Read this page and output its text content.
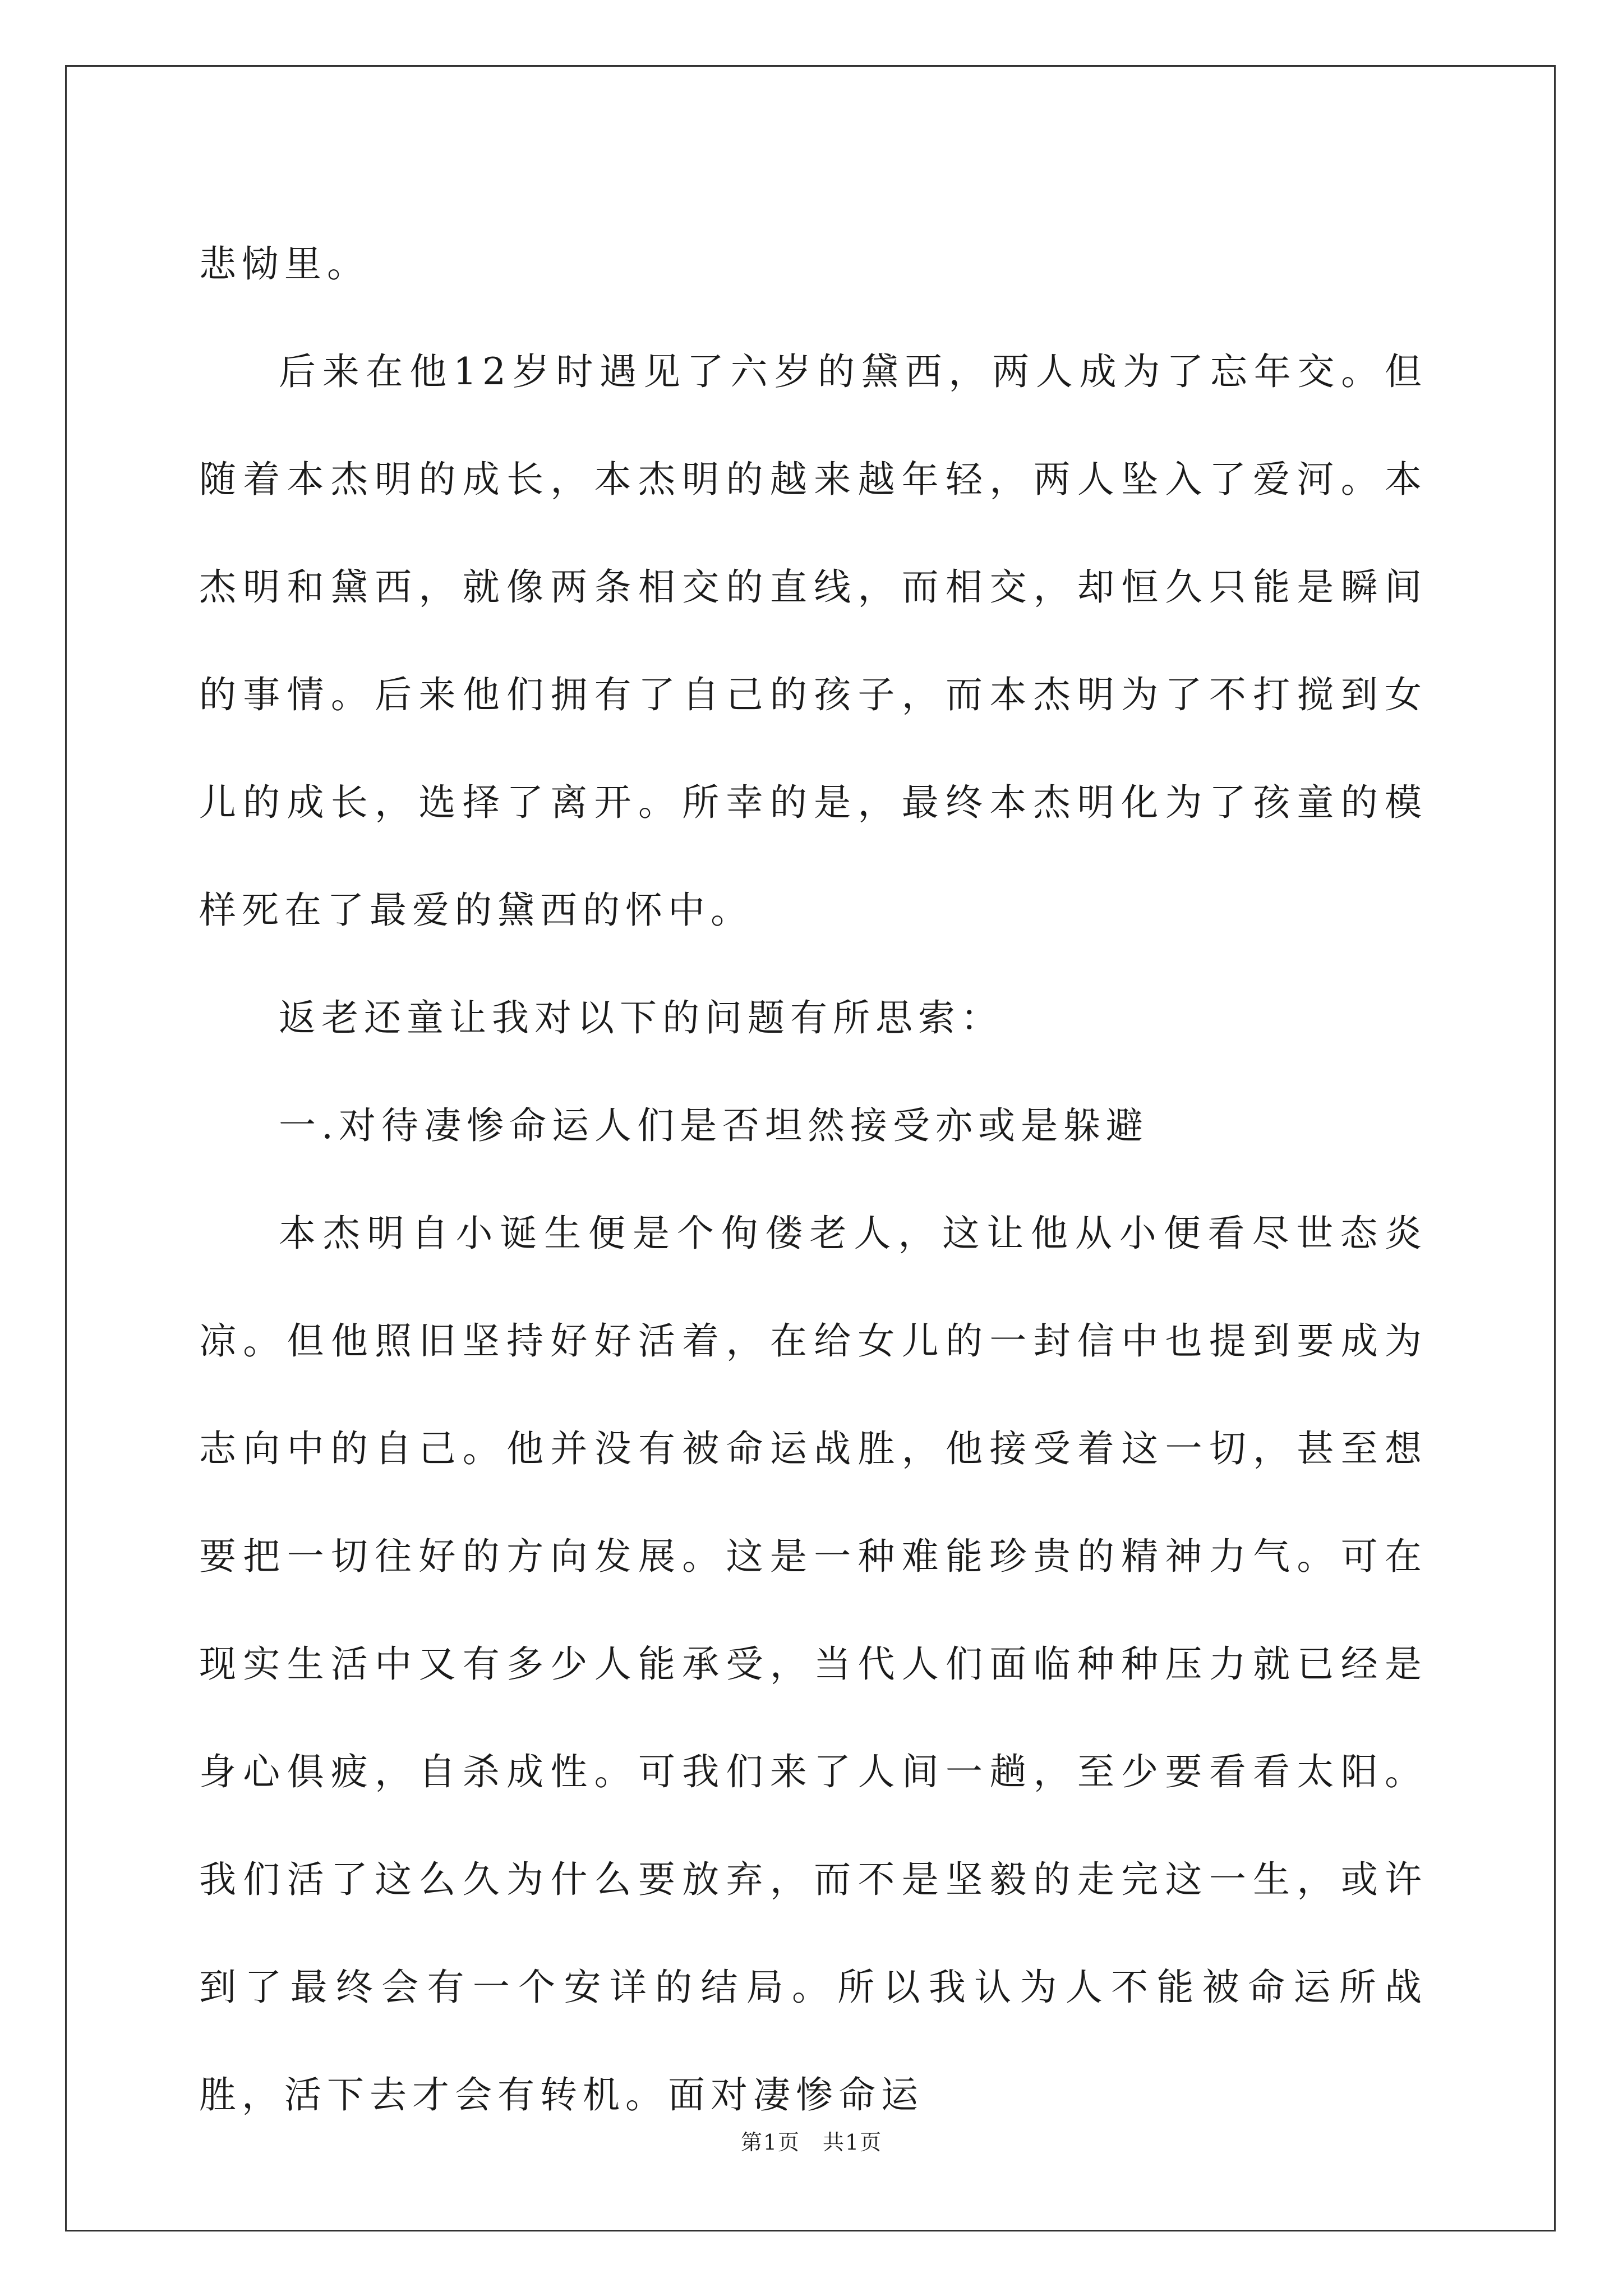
悲恸里。

后来在他12岁时遇见了六岁的黛西，两人成为了忘年交。但随着本杰明的成长，本杰明的越来越年轻，两人坠入了爱河。本杰明和黛西，就像两条相交的直线，而相交，却恒久只能是瞬间的事情。后来他们拥有了自己的孩子，而本杰明为了不打搅到女儿的成长，选择了离开。所幸的是，最终本杰明化为了孩童的模样死在了最爱的黛西的怀中。

返老还童让我对以下的问题有所思索：

一.对待凄惨命运人们是否坦然接受亦或是躲避

本杰明自小诞生便是个佝偻老人，这让他从小便看尽世态炎凉。但他照旧坚持好好活着，在给女儿的一封信中也提到要成为志向中的自己。他并没有被命运战胜，他接受着这一切，甚至想要把一切往好的方向发展。这是一种难能珍贵的精神力气。可在现实生活中又有多少人能承受，当代人们面临种种压力就已经是身心俱疲，自杀成性。可我们来了人间一趟，至少要看看太阳。我们活了这么久为什么要放弃，而不是坚毅的走完这一生，或许到了最终会有一个安详的结局。所以我认为人不能被命运所战胜，活下去才会有转机。面对凄惨命运

第1页 共1页
